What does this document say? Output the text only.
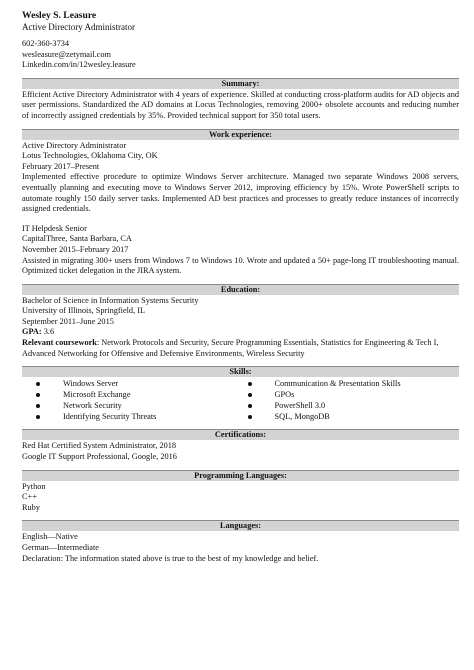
Wesley S. Leasure
Active Directory Administrator
602-360-3734
wesleasure@zetymail.com
Linkedin.com/in/12wesley.leasure
Summary:
Efficient Active Directory Administrator with 4 years of experience. Skilled at conducting cross-platform audits for AD objects and user permissions. Standardized the AD domains at Locus Technologies, removing 2000+ obsolete accounts and reducing number of incorrectly assigned credentials by 35%. Provided technical support for 350 total users.
Work experience:
Active Directory Administrator
Lotus Technologies, Oklahoma City, OK
February 2017–Present
Implemented effective procedure to optimize Windows Server architecture. Managed two separate Windows 2008 servers, eventually planning and executing move to Windows Server 2012, improving efficiency by 15%. Wrote PowerShell scripts to automate roughly 150 daily server tasks. Implemented AD best practices and processes to greatly reduce instances of incorrectly assigned credentials.
IT Helpdesk Senior
CapitalThree, Santa Barbara, CA
November 2015–February 2017
Assisted in migrating 300+ users from Windows 7 to Windows 10. Wrote and updated a 50+ page-long IT troubleshooting manual. Optimized ticket delegation in the JIRA system.
Education:
Bachelor of Science in Information Systems Security
University of Illinois, Springfield, IL
September 2011–June 2015
GPA: 3.6
Relevant coursework: Network Protocols and Security, Secure Programming Essentials, Statistics for Engineering & Tech I, Advanced Networking for Offensive and Defensive Environments, Wireless Security
Skills:
Windows Server
Microsoft Exchange
Network Security
Identifying Security Threats
Communication & Presentation Skills
GPOs
PowerShell 3.0
SQL, MongoDB
Certifications:
Red Hat Certified System Administrator, 2018
Google IT Support Professional, Google, 2016
Programming Languages:
Python
C++
Ruby
Languages:
English—Native
German—Intermediate
Declaration: The information stated above is true to the best of my knowledge and belief.
